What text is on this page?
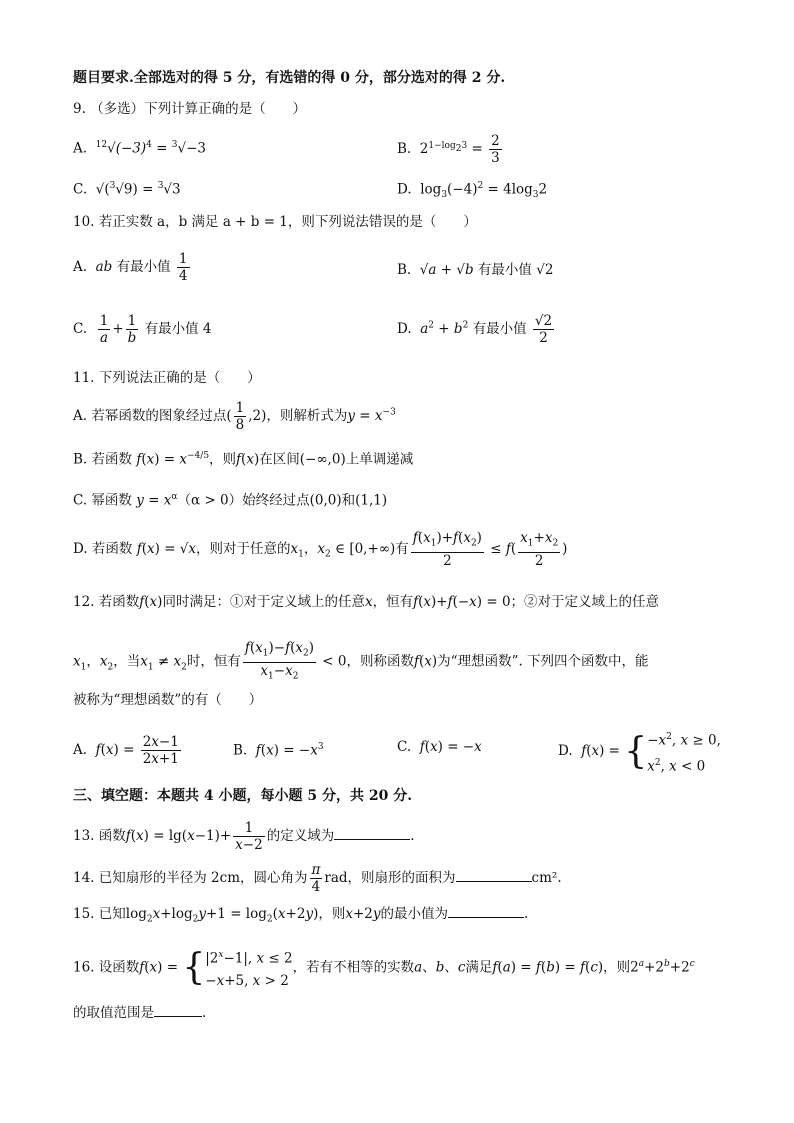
题目要求.全部选对的得 5 分，有选错的得 0 分，部分选对的得 2 分.
9. （多选）下列计算正确的是（　　）
A.  $^{12}√(-3)^4 = ^3√-3$	B.  $2^{1-log_23} = \frac{2}{3}$
C.  √($^3$√9) = $^3$√3	D.  $\log_3(-4)^2 = 4\log_32$
10. 若正实数 a，b 满足 a + b = 1，则下列说法错误的是（　　）
A.  ab 有最小值 $\frac{1}{4}$	B.  √a + √b 有最小值 √2
C. $\frac{1}{a} + \frac{1}{b}$ 有最小值 4	D.  $a^2 + b^2$ 有最小值 $\frac{√2}{2}$
11. 下列说法正确的是（　　）
A. 若幂函数的图象经过点( $\frac{1}{8} ,2$)，则解析式为$y = x^{-3}$
B. 若函数 $f(x) = x^{-4/5}$，则f(x)在区间(−∞,0)上单调递减
C. 幂函数 $y = x^\alpha(\alpha > 0)$始终经过点(0,0)和(1,1)
D. 若函数 f(x) = √x，则对于任意的$x_1$，$x_2$ ∈ [0,+∞)有 $\frac{f(x_1)+f(x_2)}{2} \le f( \frac{x_1+x_2}{2}$ )
12. 若函数f(x)同时满足：①对于定义域上的任意x，恒有f(x)+f(−x) = 0；②对于定义域上的任意
$x_1$，$x_2$，当$x_1 \ne x_2$时，恒有 $\frac{f(x_1)-f(x_2)}{x_1-x_2} < 0$，则称函数f(x)为“理想函数”. 下列四个函数中，能
被称为“理想函数”的有（　　）
A.  $f(x) = \frac{2x-1}{2x+1}$	B.  $f(x) = -x^3$	C.  f(x) = −x	D.  $f(x) = \{-x^2$, x ≥ 0,
$x^2$, x < 0
三、填空题：本题共 4 小题，每小题 5 分，共 20 分.
13. 函数$f(x) = \lg(x-1)+ \frac{1}{x-2}$ 的定义域为	.
14. 已知扇形的半径为 2cm，圆心角为 $\frac{\pi}{4}$ rad，则扇形的面积为	cm².
15. 已知$\log_2x+\log_2y+1 = \log_2(x+2y)$，则x+2y的最小值为	.
16. 设函数$f(x) = \{|2^x-1|$, x ≤ 2
−x+5, x > 2，若有不相等的实数a、b、c满足f(a) = f(b) = f(c)，则$2^a+2^b+2^c$
的取值范围是	.
